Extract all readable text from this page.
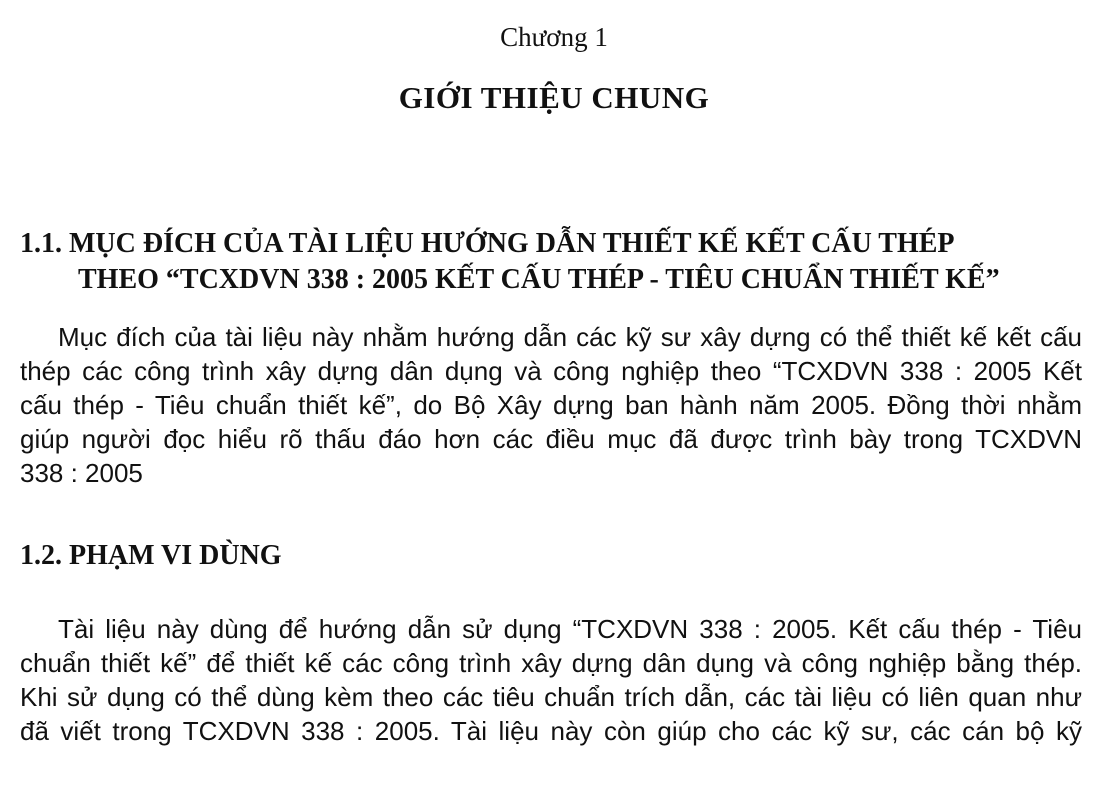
Chương 1
GIỚI THIỆU CHUNG
1.1. MỤC ĐÍCH CỦA TÀI LIỆU HƯỚNG DẪN THIẾT KẾ KẾT CẤU THÉP
THEO “TCXDVN 338 : 2005 KẾT CẤU THÉP - TIÊU CHUẨN THIẾT KẾ”
Mục đích của tài liệu này nhằm hướng dẫn các kỹ sư xây dựng có thể thiết kế kết cấu
thép các công trình xây dựng dân dụng và công nghiệp theo “TCXDVN 338 : 2005 Kết
cấu thép - Tiêu chuẩn thiết kế”, do Bộ Xây dựng ban hành năm 2005. Đồng thời nhằm
giúp người đọc hiểu rõ thấu đáo hơn các điều mục đã được trình bày trong TCXDVN
338 : 2005
1.2. PHẠM VI DÙNG
Tài liệu này dùng để hướng dẫn sử dụng “TCXDVN 338 : 2005. Kết cấu thép - Tiêu
chuẩn thiết kế” để thiết kế các công trình xây dựng dân dụng và công nghiệp bằng thép.
Khi sử dụng có thể dùng kèm theo các tiêu chuẩn trích dẫn, các tài liệu có liên quan như
đã viết trong TCXDVN 338 : 2005. Tài liệu này còn giúp cho các kỹ sư, các cán bộ kỹ
